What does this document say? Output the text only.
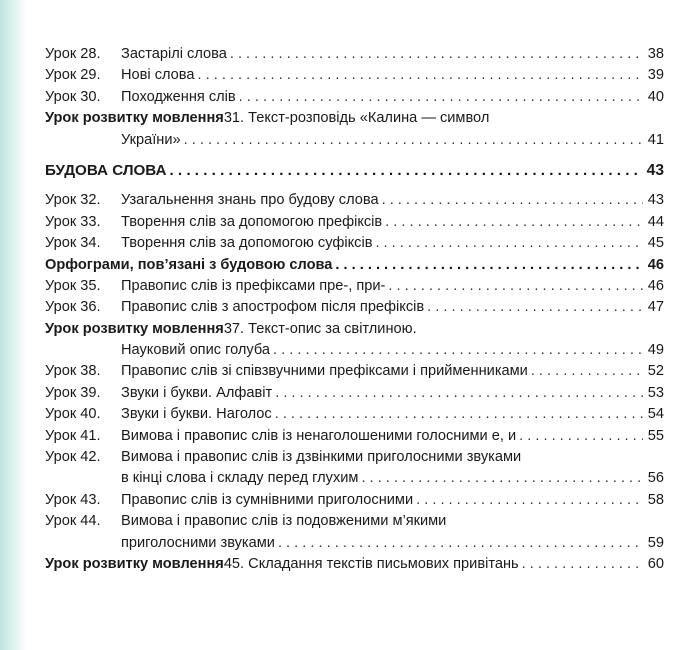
Урок 28.	Застарілі слова . . .	38
Урок 29.	Нові слова . . .	39
Урок 30.	Походження слів . . .	40
Урок розвитку мовлення 31. Текст-розповідь «Калина — символ
України» . . .	41
БУДОВА СЛОВА . . .	43
Урок 32.	Узагальнення знань про будову слова . . .	43
Урок 33.	Творення слів за допомогою префіксів . . .	44
Урок 34.	Творення слів за допомогою суфіксів . . .	45
Орфограми, пов’язані з будовою слова . . .	46
Урок 35.	Правопис слів із префіксами пре-, при- . . .	46
Урок 36.	Правопис слів з апострофом після префіксів . . .	47
Урок розвитку мовлення 37. Текст-опис за світлиною.
Науковий опис голуба . . .	49
Урок 38.	Правопис слів зі співзвучними префіксами і прийменниками . . .	52
Урок 39.	Звуки і букви. Алфавіт . . .	53
Урок 40.	Звуки і букви. Наголос . . .	54
Урок 41.	Вимова і правопис слів із ненаголошеними голосними е, и . . .	55
Урок 42.	Вимова і правопис слів із дзвінкими приголосними звуками
в кінці слова і складу перед глухим . . .	56
Урок 43.	Правопис слів із сумнівними приголосними . . .	58
Урок 44.	Вимова і правопис слів із подовженими м’якими
приголосними звуками . . .	59
Урок розвитку мовлення 45. Складання текстів письмових привітань . . .	60
